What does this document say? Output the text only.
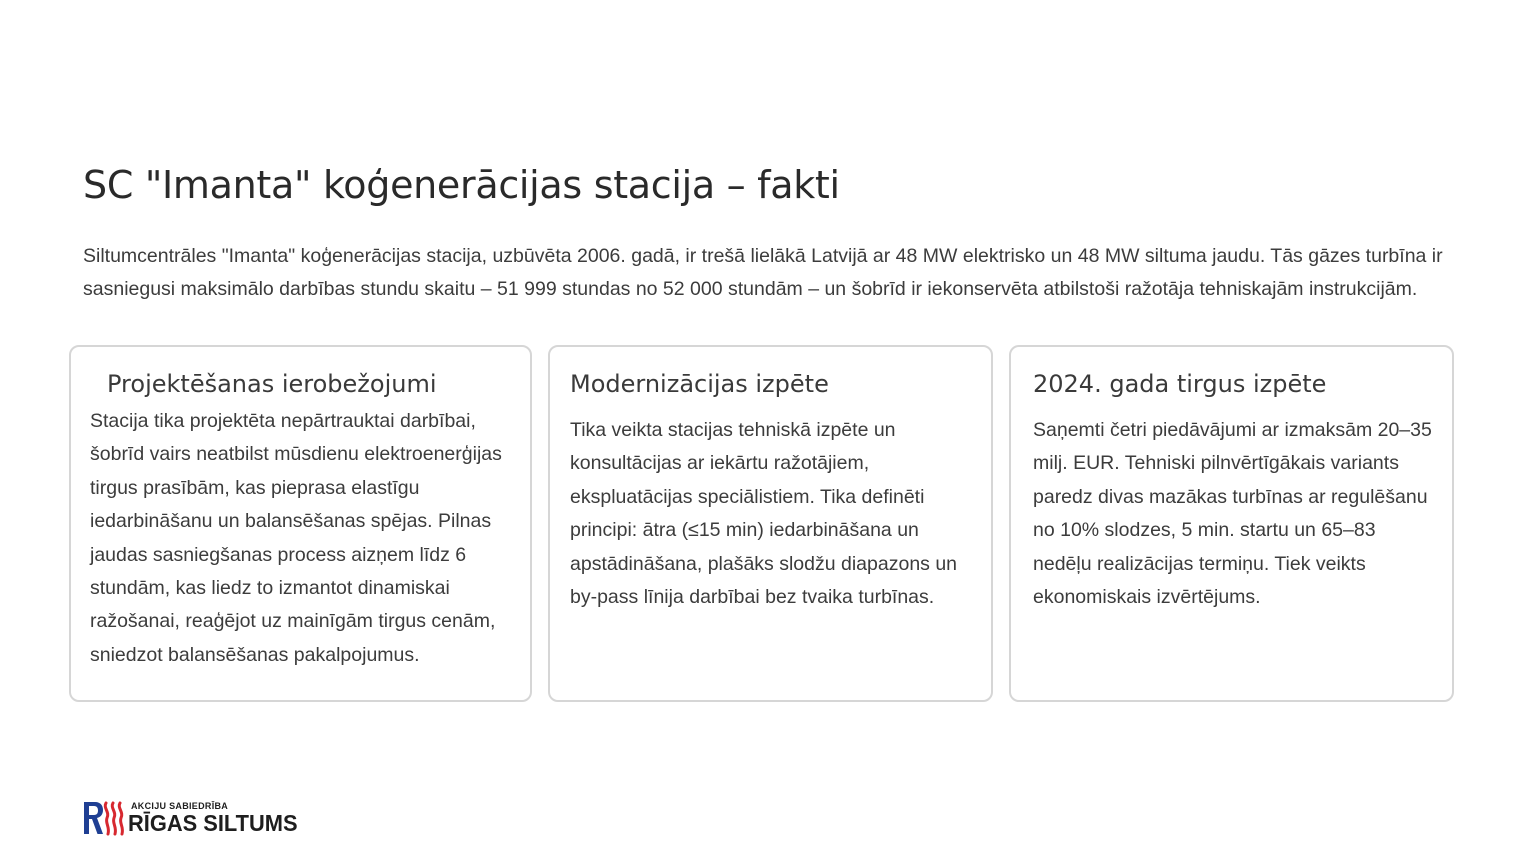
SC "Imanta" koģenerācijas stacija – fakti

Siltumcentrāles "Imanta" koģenerācijas stacija, uzbūvēta 2006. gadā, ir trešā lielākā Latvijā ar 48 MW elektrisko un 48 MW siltuma jaudu. Tās gāzes turbīna ir sasniegusi maksimālo darbības stundu skaitu – 51 999 stundas no 52 000 stundām – un šobrīd ir iekonservēta atbilstoši ražotāja tehniskajām instrukcijām.

Projektēšanas ierobežojumi

Stacija tika projektēta nepārtrauktai darbībai, šobrīd vairs neatbilst mūsdienu elektroenerģijas tirgus prasībām, kas pieprasa elastīgu iedarbināšanu un balansēšanas spējas. Pilnas jaudas sasniegšanas process aizņem līdz 6 stundām, kas liedz to izmantot dinamiskai ražošanai, reaģējot uz mainīgām tirgus cenām, sniedzot balansēšanas pakalpojumus.

Modernizācijas izpēte

Tika veikta stacijas tehniskā izpēte un konsultācijas ar iekārtu ražotājiem, ekspluatācijas speciālistiem. Tika definēti principi: ātra (≤15 min) iedarbināšana un apstādināšana, plašāks slodžu diapazons un by-pass līnija darbībai bez tvaika turbīnas.

2024. gada tirgus izpēte

Saņemti četri piedāvājumi ar izmaksām 20–35 milj. EUR. Tehniski pilnvērtīgākais variants paredz divas mazākas turbīnas ar regulēšanu no 10% slodzes, 5 min. startu un 65–83 nedēļu realizācijas termiņu. Tiek veikts ekonomiskais izvērtējums.

AKCIJU SABIEDRĪBA
RĪGAS SILTUMS
